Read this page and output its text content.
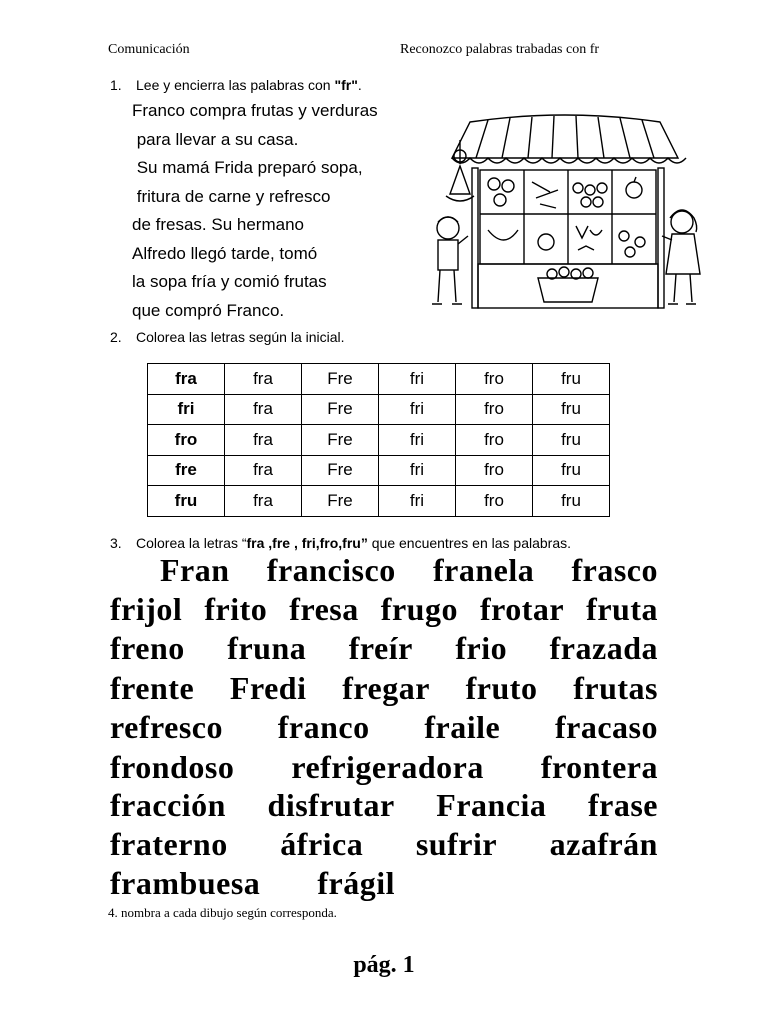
Comunicación	Reconozco palabras trabadas con fr
1. Lee y encierra las palabras con "fr".
Franco compra frutas y verduras
para llevar a su casa.
Su mamá Frida preparó sopa,
fritura de carne y refresco
de fresas. Su hermano
Alfredo llegó tarde, tomó
la sopa fría y comió frutas
que compró Franco.
2. Colorea las letras según la inicial.
fra	fra	Fre	fri	fro	fru
fri	fra	Fre	fri	fro	fru
fro	fra	Fre	fri	fro	fru
fre	fra	Fre	fri	fro	fru
fru	fra	Fre	fri	fro	fru
3. Colorea la letras “fra ,fre , fri,fro,fru” que encuentres en las palabras.
Fran francisco franela frasco
frijol frito fresa frugo frotar fruta
freno fruna freír frio frazada
frente Fredi fregar fruto frutas
refresco franco fraile fracaso
frondoso refrigeradora frontera
fracción disfrutar Francia frase
fraterno áfrica sufrir azafrán
frambuesa frágil
4. nombra a cada dibujo según corresponda.
pág. 1
